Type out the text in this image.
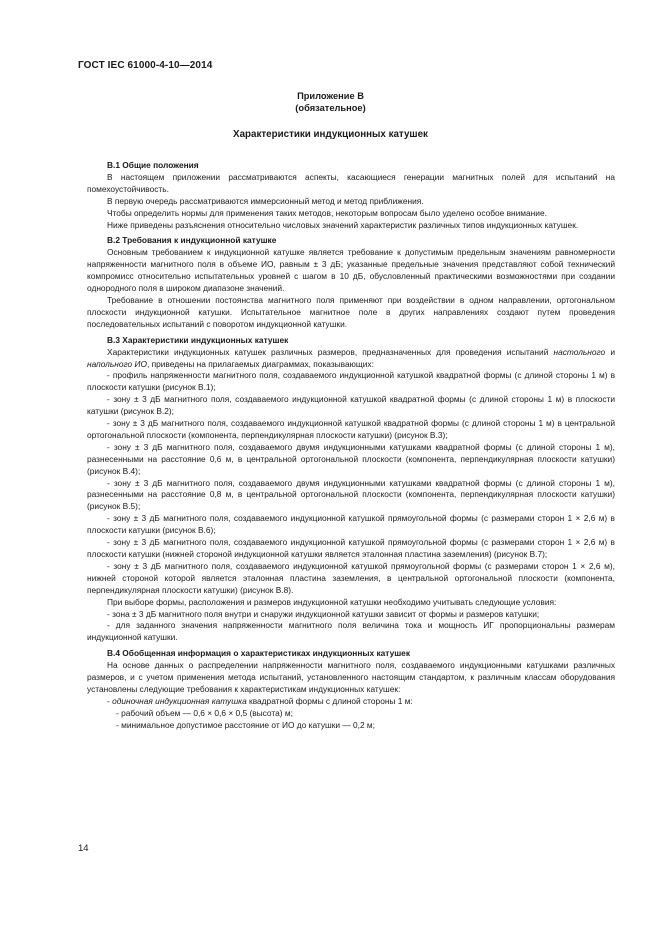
ГОСТ IEC 61000-4-10—2014
Приложение B
(обязательное)
Характеристики индукционных катушек
В.1 Общие положения
В настоящем приложении рассматриваются аспекты, касающиеся генерации магнитных полей для испытаний на помехоустойчивость.
В первую очередь рассматриваются иммерсионный метод и метод приближения.
Чтобы определить нормы для применения таких методов, некоторым вопросам было уделено особое внимание.
Ниже приведены разъяснения относительно числовых значений характеристик различных типов индукционных катушек.
В.2 Требования к индукционной катушке
Основным требованием к индукционной катушке является требование к допустимым предельным значениям равномерности напряженности магнитного поля в объеме ИО, равным ± 3 дБ; указанные предельные значения представляют собой технический компромисс относительно испытательных уровней с шагом в 10 дБ, обусловленный практическими возможностями при создании однородного поля в широком диапазоне значений.
Требование в отношении постоянства магнитного поля применяют при воздействии в одном направлении, ортогональном плоскости индукционной катушки. Испытательное магнитное поле в других направлениях создают путем проведения последовательных испытаний с поворотом индукционной катушки.
В.3 Характеристики индукционных катушек
Характеристики индукционных катушек различных размеров, предназначенных для проведения испытаний настольного и напольного ИО, приведены на прилагаемых диаграммах, показывающих:
- профиль напряженности магнитного поля, создаваемого индукционной катушкой квадратной формы (с длиной стороны 1 м) в плоскости катушки (рисунок В.1);
- зону ± 3 дБ магнитного поля, создаваемого индукционной катушкой квадратной формы (с длиной стороны 1 м) в плоскости катушки (рисунок В.2);
- зону ± 3 дБ магнитного поля, создаваемого индукционной катушкой квадратной формы (с длиной стороны 1 м) в центральной ортогональной плоскости (компонента, перпендикулярная плоскости катушки) (рисунок В.3);
- зону ± 3 дБ магнитного поля, создаваемого двумя индукционными катушками квадратной формы (с длиной стороны 1 м), разнесенными на расстояние 0,6 м, в центральной ортогональной плоскости (компонента, перпендикулярная плоскости катушки) (рисунок В.4);
- зону ± 3 дБ магнитного поля, создаваемого двумя индукционными катушками квадратной формы (с длиной стороны 1 м), разнесенными на расстояние 0,8 м, в центральной ортогональной плоскости (компонента, перпендикулярная плоскости катушки) (рисунок В.5);
- зону ± 3 дБ магнитного поля, создаваемого индукционной катушкой прямоугольной формы (с размерами сторон 1 × 2,6 м) в плоскости катушки (рисунок В.6);
- зону ± 3 дБ магнитного поля, создаваемого индукционной катушкой прямоугольной формы (с размерами сторон 1 × 2,6 м) в плоскости катушки (нижней стороной индукционной катушки является эталонная пластина заземления) (рисунок В.7);
- зону ± 3 дБ магнитного поля, создаваемого индукционной катушкой прямоугольной формы (с размерами сторон 1 × 2,6 м), нижней стороной которой является эталонная пластина заземления, в центральной ортогональной плоскости (компонента, перпендикулярная плоскости катушки) (рисунок В.8).
При выборе формы, расположения и размеров индукционной катушки необходимо учитывать следующие условия:
- зона ± 3 дБ магнитного поля внутри и снаружи индукционной катушки зависит от формы и размеров катушки;
- для заданного значения напряженности магнитного поля величина тока и мощность ИГ пропорциональны размерам индукционной катушки.
В.4 Обобщенная информация о характеристиках индукционных катушек
На основе данных о распределении напряженности магнитного поля, создаваемого индукционными катушками различных размеров, и с учетом применения метода испытаний, установленного настоящим стандартом, к различным классам оборудования установлены следующие требования к характеристикам индукционных катушек:
- одиночная индукционная катушка квадратной формы с длиной стороны 1 м:
- рабочий объем — 0,6 × 0,6 × 0,5 (высота) м;
- минимальное допустимое расстояние от ИО до катушки — 0,2 м;
14
